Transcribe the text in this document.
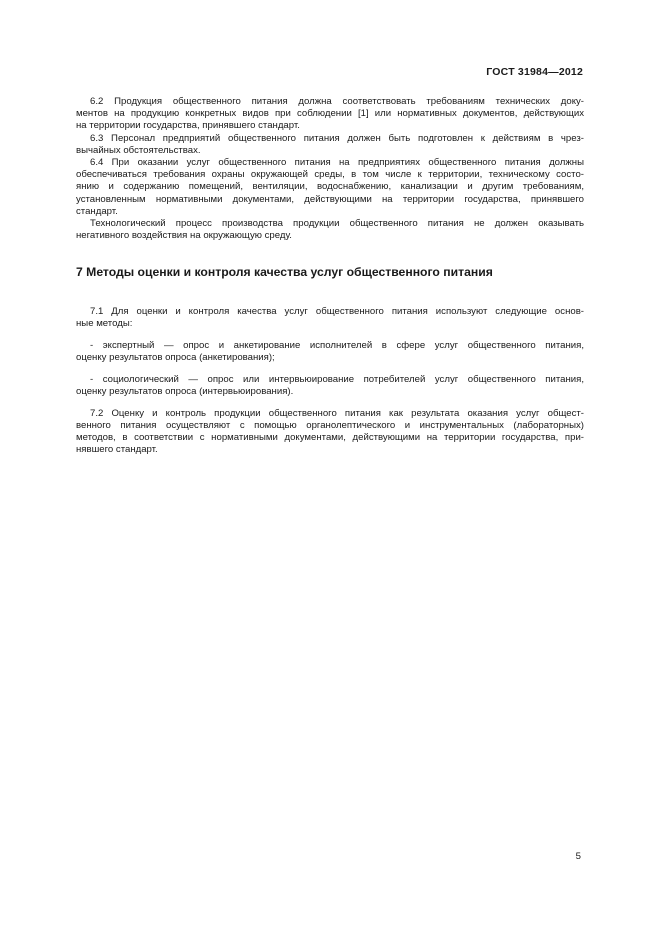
ГОСТ 31984—2012

6.2 Продукция общественного питания должна соответствовать требованиям технических доку-
ментов на продукцию конкретных видов при соблюдении [1] или нормативных документов, действующих
на территории государства, принявшего стандарт.

6.3 Персонал предприятий общественного питания должен быть подготовлен к действиям в чрез-
вычайных обстоятельствах.

6.4 При оказании услуг общественного питания на предприятиях общественного питания должны
обеспечиваться требования охраны окружающей среды, в том числе к территории, техническому состо-
янию и содержанию помещений, вентиляции, водоснабжению, канализации и другим требованиям,
установленным нормативными документами, действующими на территории государства, принявшего
стандарт.

Технологический процесс производства продукции общественного питания не должен оказывать
негативного воздействия на окружающую среду.

7 Методы оценки и контроля качества услуг общественного питания

7.1 Для оценки и контроля качества услуг общественного питания используют следующие основ-
ные методы:

- экспертный — опрос и анкетирование исполнителей в сфере услуг общественного питания,
оценку результатов опроса (анкетирования);

- социологический — опрос или интервьюирование потребителей услуг общественного питания,
оценку результатов опроса (интервьюирования).

7.2 Оценку и контроль продукции общественного питания как результата оказания услуг общест-
венного питания осуществляют с помощью органолептического и инструментальных (лабораторных)
методов, в соответствии с нормативными документами, действующими на территории государства, при-
нявшего стандарт.

5
